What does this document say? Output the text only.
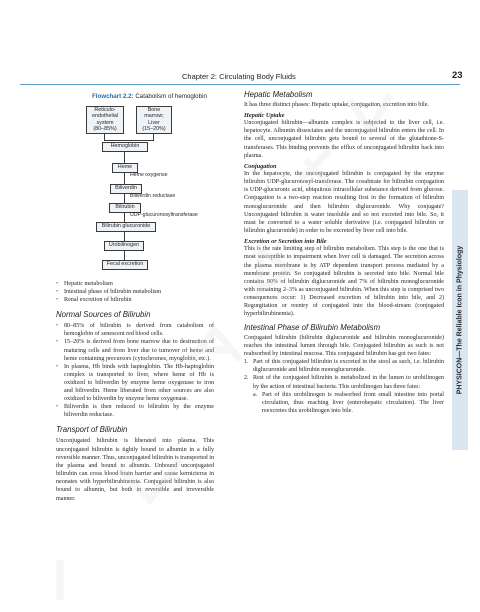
Chapter 2: Circulating Body Fluids	23
PHYSICON—The Reliable Icon in Physiology

Flowchart 2.2: Catabolism of hemoglobin

Reticulo-
endothelial
system
(80–85%)
Bone
marrow;
Liver
(15–20%)
Hemoglobin
Heme
Heme oxygense
Biliverdin
Biliverdin reductase
Bilirubin
UDP-glucuronosyltransferase
Bilirubin glucuronide
Urobilinogen
Fecal excretion
• Hepatic metabolism
• Intestinal phase of bilirubin metabolism
• Renal excretion of bilirubin

Normal Sources of Bilirubin

• 80–85% of bilirubin is derived from catabolism of hemoglobin of senescent red blood cells.
• 15–20% is derived from bone marrow due to destruction of maturing cells and from liver due to turnover of heme and heme containing precursors (cytochromes, myoglobin, etc.).
• In plasma, Hb binds with haptoglobin. The Hb-haptoglobin complex is transported to liver, where heme of Hb is oxidized to biliverdin by enzyme heme oxygenase to iron and biliverdin. Heme liberated from other sources are also oxidized to biliverdin by enzyme heme oxygenase.
• Biliverdin is then reduced to bilirubin by the enzyme biliverdin reductase.

Transport of Bilirubin

Unconjugated bilirubin is liberated into plasma. This unconjugated bilirubin is tightly bound to albumin in a fully reversible manner. Thus, unconjugated bilirubin is transported in the plasma and bound to albumin. Unbound unconjugated bilirubin can cross blood brain barrier and cause kernicterus in neonates with hyperbilirubinemia. Conjugated bilirubin is also bound to albumin, but both in reversible and irreversible manner.

Hepatic Metabolism

It has three distinct phases: Hepatic uptake, conjugation, excretion into bile.

Hepatic Uptake

Unconjugated bilirubin—albumin complex is subjected to the liver cell, i.e. hepatocyte. Albumin dissociates and the unconjugated bilirubin enters the cell. In the cell, unconjugated bilirubin gets bound to several of the glutathione-S-transferases. This binding prevents the efflux of unconjugated bilirubin back into plasma.

Conjugation

In the hepatocyte, the unconjugated bilirubin is conjugated by the enzyme bilirubin UDP-glucuronosyl-transferase. The cosubtrate for bilirubin conjugation is UDP-glucuronic acid, ubiquitous intracellular substance derived from glucose. Conjugation is a two-step reaction resulting first in the formation of bilirubin monoglucuronide and then bilirubin diglucuronide. Why conjugate? Unconjugated bilirubin is water insoluble and so not excreted into bile. So, it must be converted to a water soluble derivative (i.e. conjugated bilirubin or bilirubin glucuronide) in order to be excreted by liver cell into bile.

Excretion or Secretion into Bile

This is the rate limiting step of bilirubin metabolism. This step is the one that is most susceptible to impairment when liver cell is damaged. The secretion across the plasma membrane is by ATP dependent transport process mediated by a membrane protein. So conjugated bilirubin is secreted into bile. Normal bile contains 90% of bilirubin diglucuronide and 7% of bilirubin monoglucuronide with remaining 2–3% as unconjugated bilirubin. When this step is comprised two consequences occur: 1) Decreased excretion of bilirubin into bile, and 2) Regurgitation or reentry of conjugated into the blood-stream (conjugated hyperbilirubinemia).

Intestinal Phase of Bilirubin Metabolism

Conjugated bilirubin (bilirubin diglucuronide and bilirubin monoglucuronide) reaches the intestinal lumen through bile. Conjugated bilirubin as such is not reabsorbed by intestinal mucosa. This conjugated bilirubin has got two fates:

1. Part of this conjugated bilirubin is excreted in the stool as such, i.e. bilirubin diglucuronide and bilirubin monoglucuronide.
2. Rest of the conjugated bilirubin is metabolized in the lumen to urobilinogen by the action of intestinal bacteria. This urobilinogen has three fates:
a. Part of this urobilinogen is reabsorbed from small intestine into portal circulation, thus reaching liver (enterohepatic circulation). The liver reexcretes this urobilinogen into bile.
